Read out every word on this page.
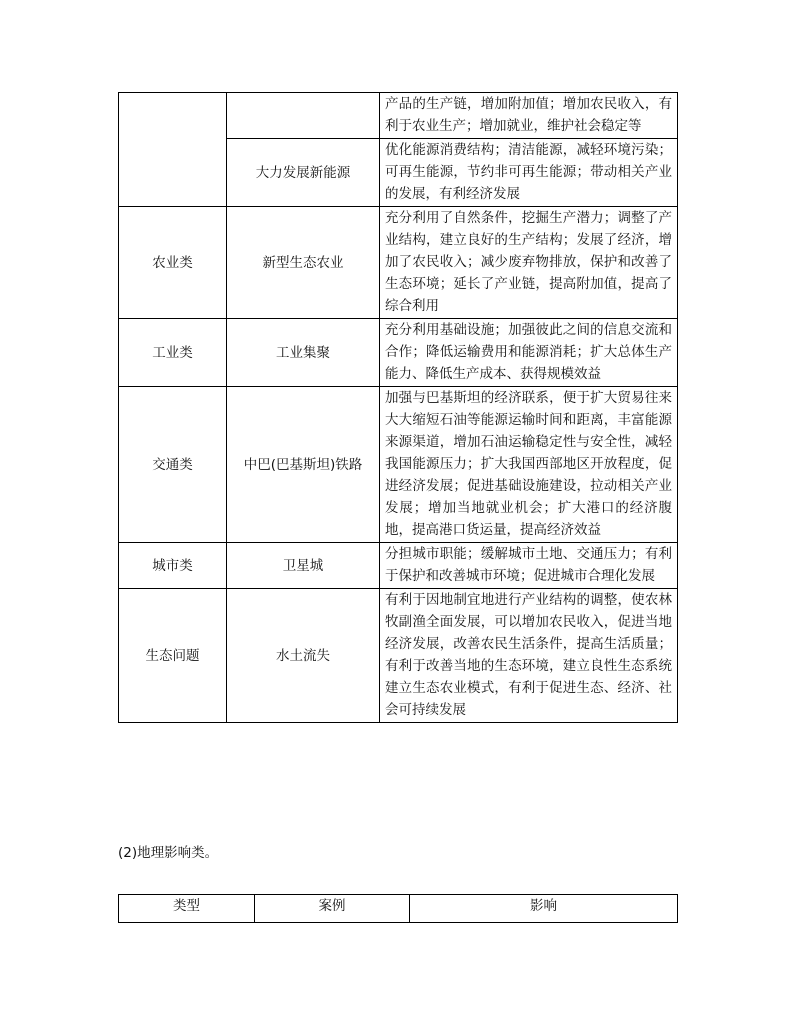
		产品的生产链，增加附加值；增加农民收入，有利于农业生产；增加就业，维护社会稳定等
	大力发展新能源	优化能源消费结构；清洁能源，减轻环境污染；可再生能源，节约非可再生能源；带动相关产业的发展，有利经济发展
农业类	新型生态农业	充分利用了自然条件，挖掘生产潜力；调整了产业结构，建立良好的生产结构；发展了经济，增加了农民收入；减少废弃物排放，保护和改善了生态环境；延长了产业链，提高附加值，提高了综合利用
工业类	工业集聚	充分利用基础设施；加强彼此之间的信息交流和合作；降低运输费用和能源消耗；扩大总体生产能力、降低生产成本、获得规模效益
交通类	中巴(巴基斯坦)铁路	加强与巴基斯坦的经济联系，便于扩大贸易往来大大缩短石油等能源运输时间和距离，丰富能源来源渠道，增加石油运输稳定性与安全性，减轻我国能源压力；扩大我国西部地区开放程度，促进经济发展；促进基础设施建设，拉动相关产业发展；增加当地就业机会；扩大港口的经济腹地，提高港口货运量，提高经济效益
城市类	卫星城	分担城市职能；缓解城市土地、交通压力；有利于保护和改善城市环境；促进城市合理化发展
生态问题	水土流失	有利于因地制宜地进行产业结构的调整，使农林牧副渔全面发展，可以增加农民收入，促进当地经济发展，改善农民生活条件，提高生活质量；有利于改善当地的生态环境，建立良性生态系统建立生态农业模式，有利于促进生态、经济、社会可持续发展
(2)地理影响类。
类型	案例	影响
